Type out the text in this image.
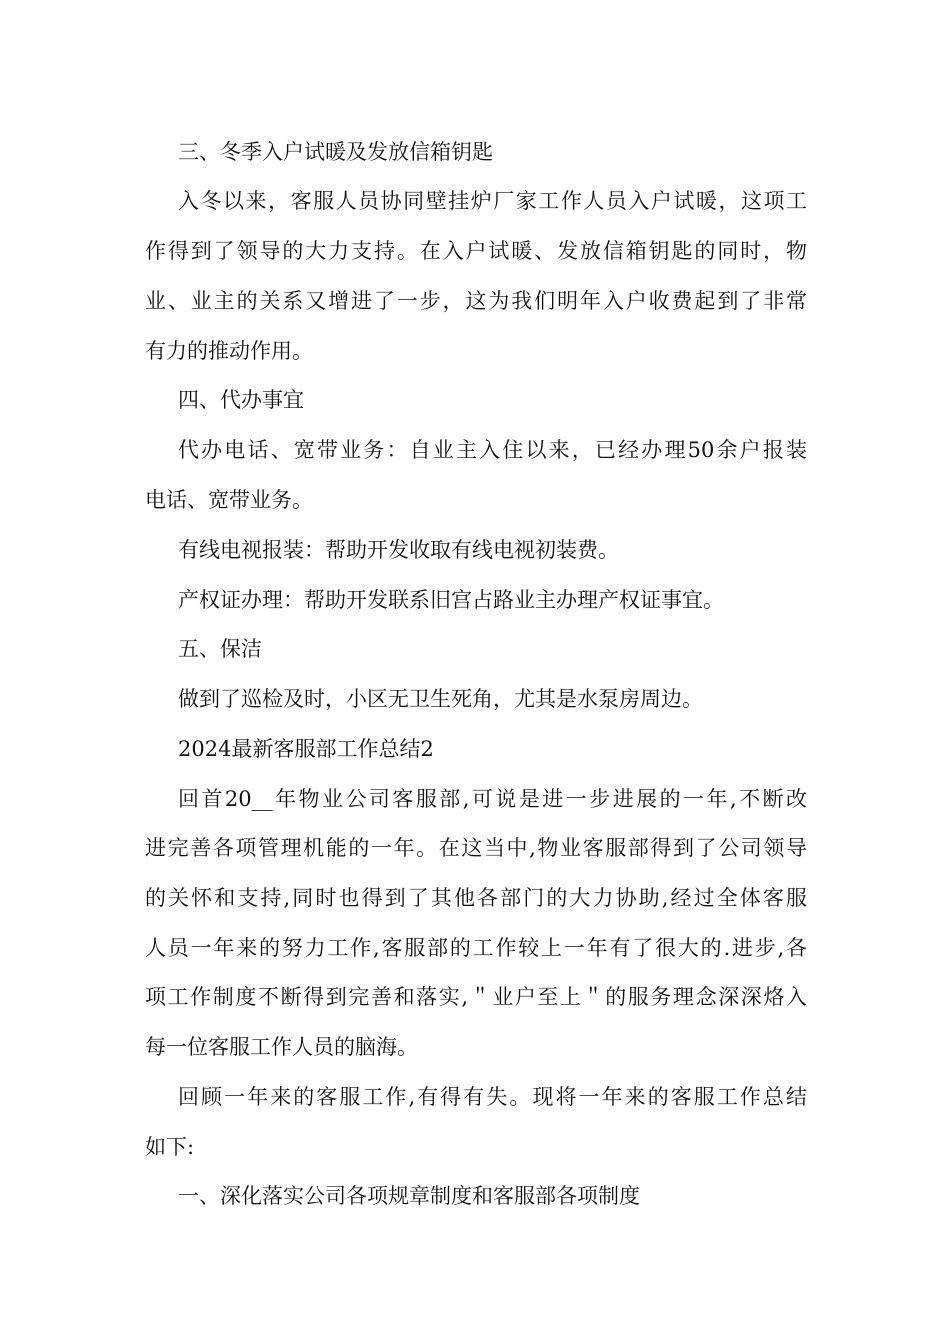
三、冬季入户试暖及发放信箱钥匙
入冬以来，客服人员协同壁挂炉厂家工作人员入户试暖，这项工
作得到了领导的大力支持。在入户试暖、发放信箱钥匙的同时，物
业、业主的关系又增进了一步，这为我们明年入户收费起到了非常
有力的推动作用。
四、代办事宜
代办电话、宽带业务：自业主入住以来，已经办理50余户报装
电话、宽带业务。
有线电视报装：帮助开发收取有线电视初装费。
产权证办理：帮助开发联系旧宫占路业主办理产权证事宜。
五、保洁
做到了巡检及时，小区无卫生死角，尤其是水泵房周边。
2024最新客服部工作总结2
回首20__年物业公司客服部,可说是进一步进展的一年,不断改
进完善各项管理机能的一年。在这当中,物业客服部得到了公司领导
的关怀和支持,同时也得到了其他各部门的大力协助,经过全体客服
人员一年来的努力工作,客服部的工作较上一年有了很大的.进步,各
项工作制度不断得到完善和落实,＂业户至上＂的服务理念深深烙入
每一位客服工作人员的脑海。
回顾一年来的客服工作,有得有失。现将一年来的客服工作总结
如下:
一、深化落实公司各项规章制度和客服部各项制度
